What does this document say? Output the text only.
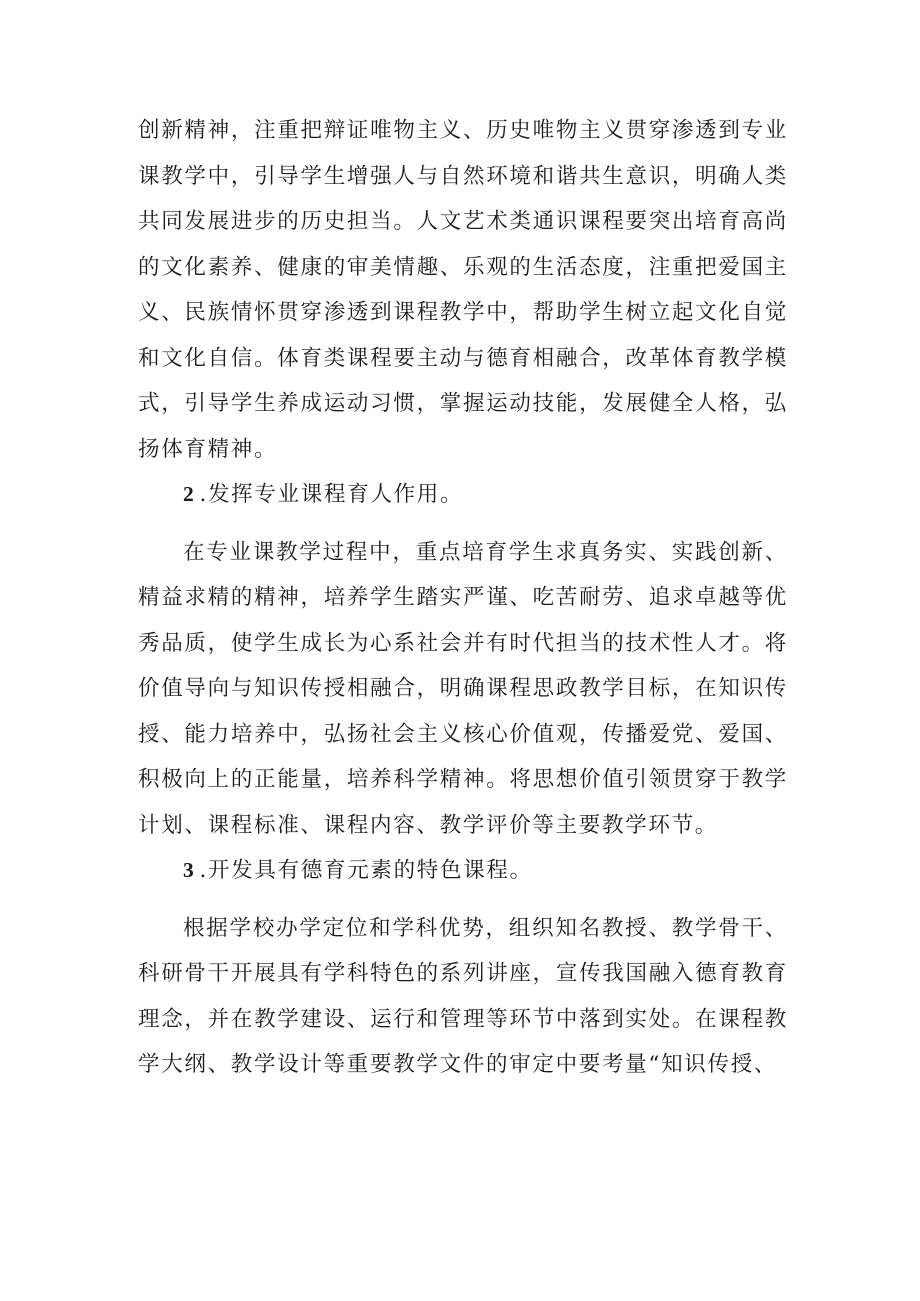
创新精神，注重把辩证唯物主义、历史唯物主义贯穿渗透到专业课教学中，引导学生增强人与自然环境和谐共生意识，明确人类共同发展进步的历史担当。人文艺术类通识课程要突出培育高尚的文化素养、健康的审美情趣、乐观的生活态度，注重把爱国主义、民族情怀贯穿渗透到课程教学中，帮助学生树立起文化自觉和文化自信。体育类课程要主动与德育相融合，改革体育教学模式，引导学生养成运动习惯，掌握运动技能，发展健全人格，弘扬体育精神。

2 .发挥专业课程育人作用。

在专业课教学过程中，重点培育学生求真务实、实践创新、精益求精的精神，培养学生踏实严谨、吃苦耐劳、追求卓越等优秀品质，使学生成长为心系社会并有时代担当的技术性人才。将价值导向与知识传授相融合，明确课程思政教学目标，在知识传授、能力培养中，弘扬社会主义核心价值观，传播爱党、爱国、积极向上的正能量，培养科学精神。将思想价值引领贯穿于教学计划、课程标准、课程内容、教学评价等主要教学环节。

3 .开发具有德育元素的特色课程。

根据学校办学定位和学科优势，组织知名教授、教学骨干、科研骨干开展具有学科特色的系列讲座，宣传我国融入德育教育理念，并在教学建设、运行和管理等环节中落到实处。在课程教学大纲、教学设计等重要教学文件的审定中要考量“知识传授、
